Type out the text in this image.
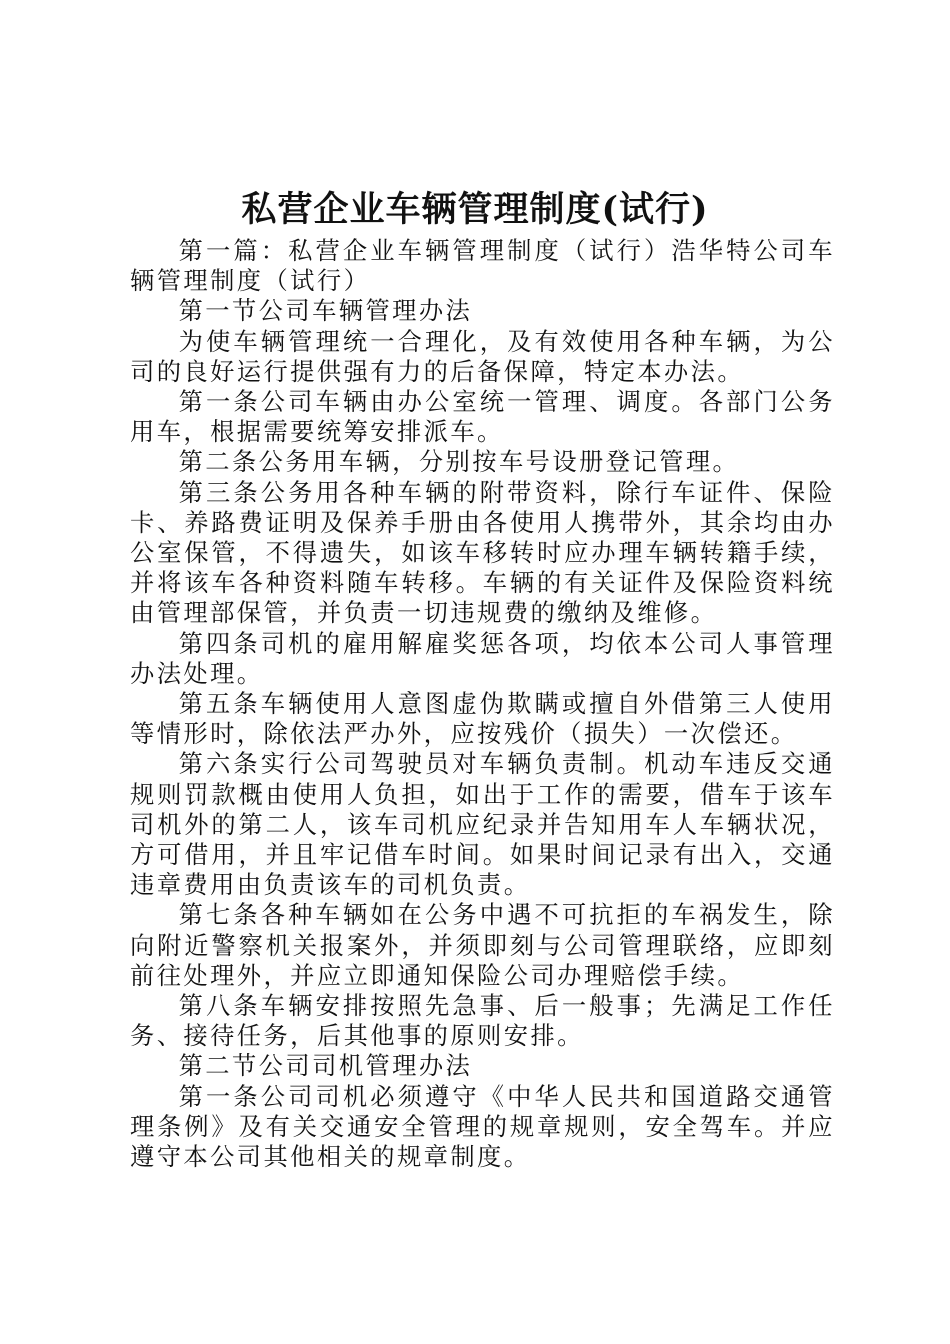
私营企业车辆管理制度(试行)

第一篇：私营企业车辆管理制度（试行）浩华特公司车辆管理制度（试行）

第一节公司车辆管理办法

为使车辆管理统一合理化，及有效使用各种车辆，为公司的良好运行提供强有力的后备保障，特定本办法。

第一条公司车辆由办公室统一管理、调度。各部门公务用车，根据需要统筹安排派车。

第二条公务用车辆，分别按车号设册登记管理。

第三条公务用各种车辆的附带资料，除行车证件、保险卡、养路费证明及保养手册由各使用人携带外，其余均由办公室保管，不得遗失，如该车移转时应办理车辆转籍手续，并将该车各种资料随车转移。车辆的有关证件及保险资料统由管理部保管，并负责一切违规费的缴纳及维修。

第四条司机的雇用解雇奖惩各项，均依本公司人事管理办法处理。

第五条车辆使用人意图虚伪欺瞒或擅自外借第三人使用等情形时，除依法严办外，应按残价（损失）一次偿还。

第六条实行公司驾驶员对车辆负责制。机动车违反交通规则罚款概由使用人负担，如出于工作的需要，借车于该车司机外的第二人，该车司机应纪录并告知用车人车辆状况，方可借用，并且牢记借车时间。如果时间记录有出入，交通违章费用由负责该车的司机负责。

第七条各种车辆如在公务中遇不可抗拒的车祸发生，除向附近警察机关报案外，并须即刻与公司管理联络，应即刻前往处理外，并应立即通知保险公司办理赔偿手续。

第八条车辆安排按照先急事、后一般事；先满足工作任务、接待任务，后其他事的原则安排。

第二节公司司机管理办法

第一条公司司机必须遵守《中华人民共和国道路交通管理条例》及有关交通安全管理的规章规则，安全驾车。并应遵守本公司其他相关的规章制度。
